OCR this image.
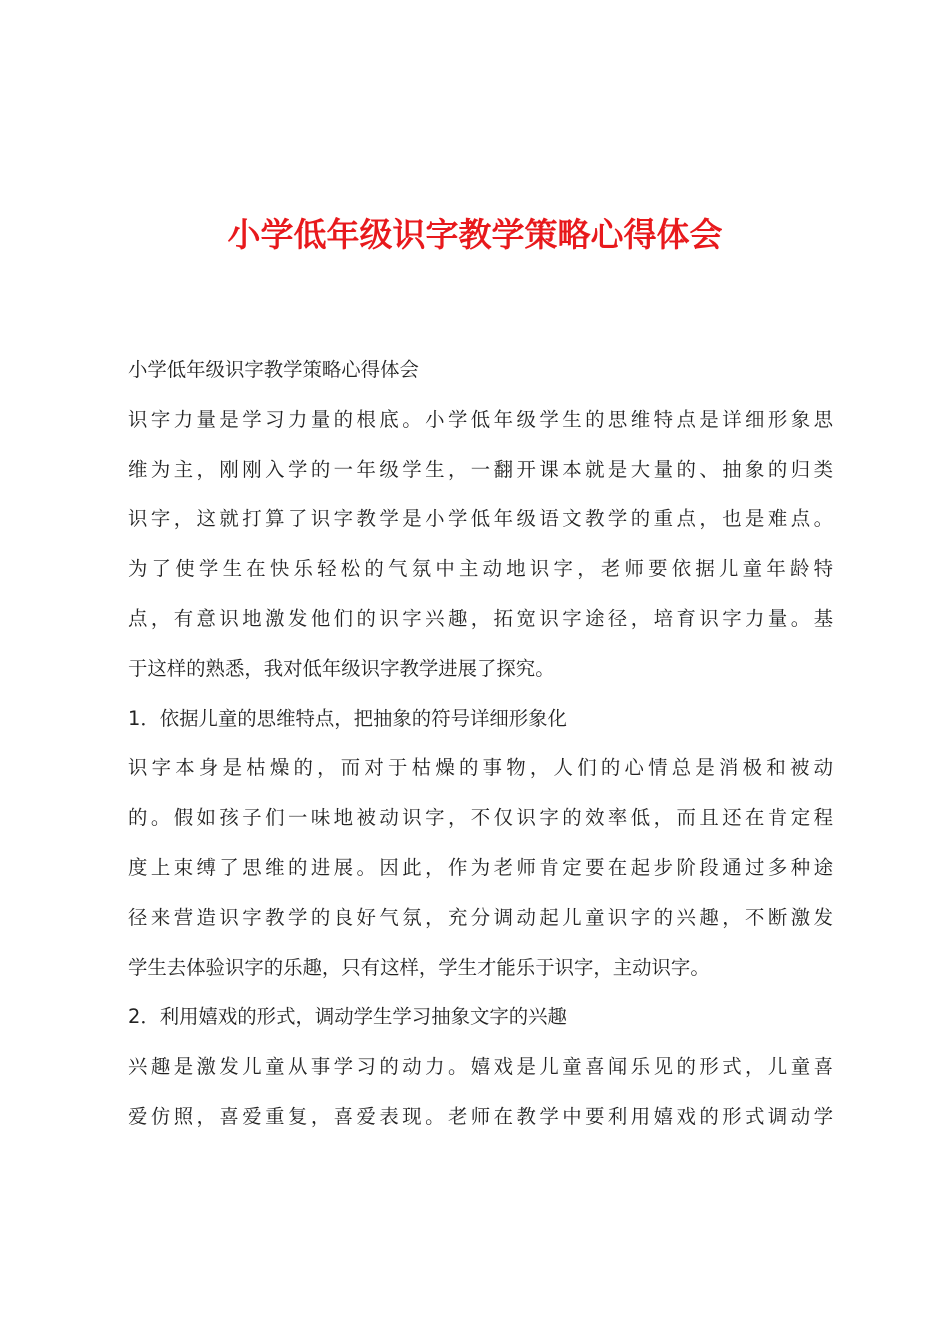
小学低年级识字教学策略心得体会
小学低年级识字教学策略心得体会
识字力量是学习力量的根底。小学低年级学生的思维特点是详细形象思
维为主，刚刚入学的一年级学生，一翻开课本就是大量的、抽象的归类
识字，这就打算了识字教学是小学低年级语文教学的重点，也是难点。
为了使学生在快乐轻松的气氛中主动地识字，老师要依据儿童年龄特
点，有意识地激发他们的识字兴趣，拓宽识字途径，培育识字力量。基
于这样的熟悉，我对低年级识字教学进展了探究。
1．依据儿童的思维特点，把抽象的符号详细形象化
识字本身是枯燥的，而对于枯燥的事物，人们的心情总是消极和被动
的。假如孩子们一味地被动识字，不仅识字的效率低，而且还在肯定程
度上束缚了思维的进展。因此，作为老师肯定要在起步阶段通过多种途
径来营造识字教学的良好气氛，充分调动起儿童识字的兴趣，不断激发
学生去体验识字的乐趣，只有这样，学生才能乐于识字，主动识字。
2．利用嬉戏的形式，调动学生学习抽象文字的兴趣
兴趣是激发儿童从事学习的动力。嬉戏是儿童喜闻乐见的形式，儿童喜
爱仿照，喜爱重复，喜爱表现。老师在教学中要利用嬉戏的形式调动学
